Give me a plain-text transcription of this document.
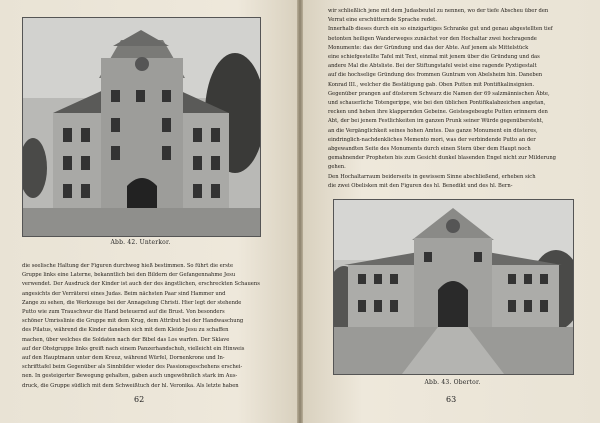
Abb. 42. Unterkor.

die seelische Haltung der Figuren durchweg hieß bestimmen. So führt die erste

Gruppe links eine Laterne, bekanntlich bei den Bildern der Gefangennahme Jesu

verwendet. Der Ausdruck der Kinder ist auch der des ängstlichen, erschreckten Schauens

angesichts der Verräterei eines Judas. Beim nächsten Paar sind Hammer und

Zange zu sehen, die Werkzeuge bei der Annagelung Christi. Hier legt der stehende

Putto wie zum Trauschwur die Hand beteuernd auf die Brust. Von besonders

schöner Umrisslinie die Gruppe mit dem Krug, dem Attribut bei der Handwaschung

des Pilatus, während die Kinder daneben sich mit dem Kleide Jesu zu schaffen

machen, über welches die Soldaten nach der Bibel das Los warfen. Der Sklave

auf der Obstgruppe links greift nach einem Panzerhandschuh, vielleicht ein Hinweis

auf den Hauptmann unter dem Kreuz, während Würfel, Dornenkrone und In-

schrifttafel beim Gegenüber als Sinnbilder wieder des Passionsgeschehens erschei-

nen. In gesteigerter Bewegung gehalten, gaben auch ungewöhnlich stark im Aus-

druck, die Gruppe südlich mit dem Schweißtuch der hl. Veronika. Als letzte haben

62

wir schließlich jene mit dem Judasbeutel zu nennen, wo der tiefe Abscheu über den

Verrat eine erschütternde Sprache redet.

Innerhalb dieses durch ein so einzigartiges Schranke gut und genau abgestellten tief

betonten heiligen Wanderweges zunächst vor den Hochaltar zwei hochragende

Monumente: das der Gründung und das der Abte. Auf jenem als Mittelstück

eine schiefgestellte Tafel mit Text, einmal mit jenem über die Gründung und das

andere Mal die Abtsliste. Bei der Stiftungstafel weist eine ragende Pyxtigestalt

auf die hochselige Gründung des frommen Guntram von Abelsheim hin. Daneben

Konrad III., welcher die Bestätigung gab. Oben Putten mit Pontifikalinsignien.

Gegenüber prangen auf düsterem Schwarz die Namen der 69 salzmännischen Äbte,

und schauerliche Totengerippe, wie bei den üblichen Pontifikalabzeichen angetan,

recken und heben ihre klappernden Gebeine. Geistesgebeugte Putten erinnern den

Abt, der bei jenem Festlichkeiten im ganzen Prunk seiner Würde gegenübersteht,

an die Vergänglichkeit seines hohen Amtes. Das ganze Monument ein düsteres,

eindringlich-nachdenkliches Memento mori, was der verbindende Putto an der

abgewandten Seite des Monuments durch einen Stern über dem Haupt noch

gemahnender Propheten bis zum Gesicht dunkel blasenden Engel nicht zur Milderung

gehen.

Den Hochaltarraum beiderseits in gewissem Sinne abschließend, erheben sich

die zwei Obelisken mit den Figuren des hl. Benedikt und des hl. Bern-

Abb. 43. Obertor.
63
